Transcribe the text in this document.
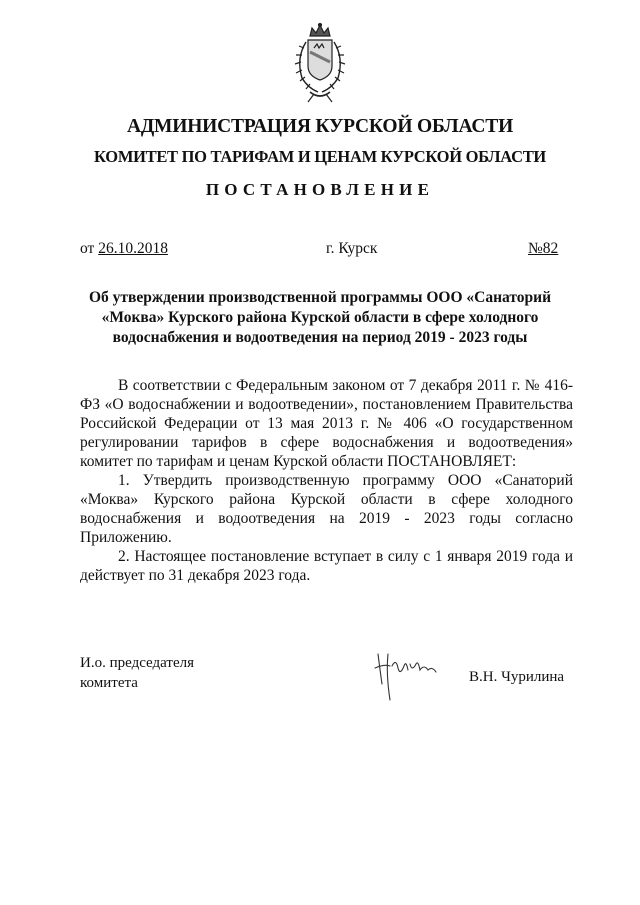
АДМИНИСТРАЦИЯ КУРСКОЙ ОБЛАСТИ
КОМИТЕТ ПО ТАРИФАМ И ЦЕНАМ КУРСКОЙ ОБЛАСТИ
ПОСТАНОВЛЕНИЕ
от 26.10.2018	г. Курск	№82
Об утверждении производственной программы ООО «Санаторий «Моква» Курского района Курской области в сфере холодного водоснабжения и водоотведения на период 2019 - 2023 годы

В соответствии с Федеральным законом от 7 декабря 2011 г. № 416-ФЗ «О водоснабжении и водоотведении», постановлением Правительства Российской Федерации от 13 мая 2013 г. № 406 «О государственном регулировании тарифов в сфере водоснабжения и водоотведения» комитет по тарифам и ценам Курской области ПОСТАНОВЛЯЕТ:

1. Утвердить производственную программу ООО «Санаторий «Моква» Курского района Курской области в сфере холодного водоснабжения и водоотведения на 2019 - 2023 годы согласно Приложению.

2. Настоящее постановление вступает в силу с 1 января 2019 года и действует по 31 декабря 2023 года.

И.о. председателя
комитета	В.Н. Чурилина
